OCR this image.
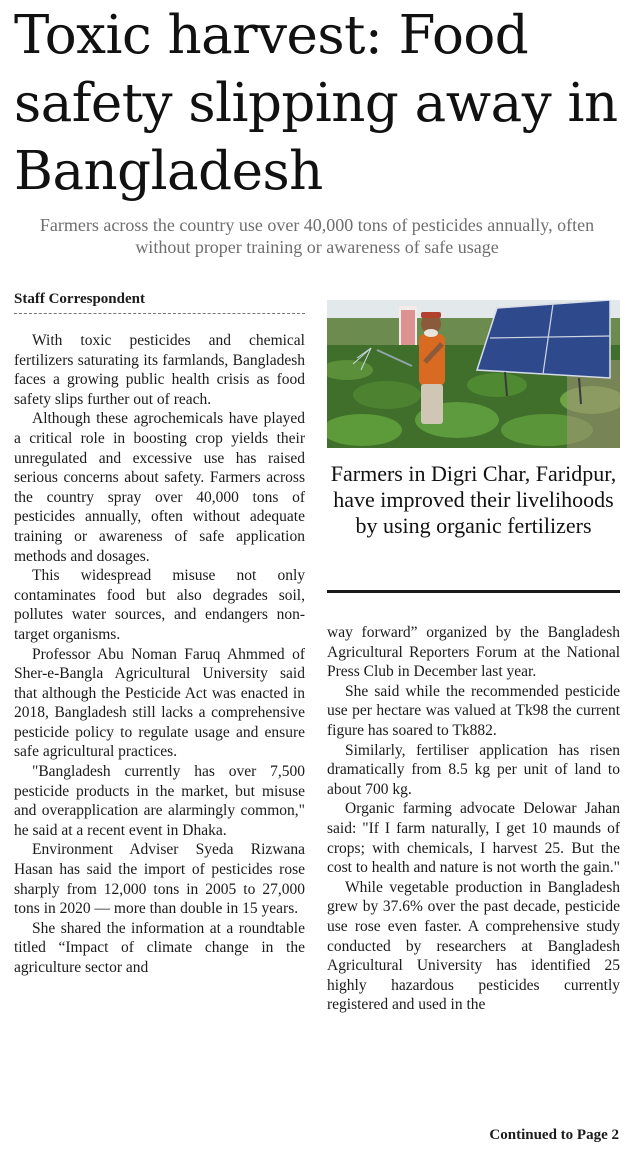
Toxic harvest: Food safety slipping away in Bangladesh
Farmers across the country use over 40,000 tons of pesticides annually, often without proper training or awareness of safe usage
Staff Correspondent

With toxic pesticides and chemical fertilizers saturating its farmlands, Bangladesh faces a growing public health crisis as food safety slips further out of reach.

Although these agrochemicals have played a critical role in boosting crop yields their unregulated and excessive use has raised serious concerns about safety. Farmers across the country spray over 40,000 tons of pesticides annually, often without adequate training or awareness of safe application methods and dosages.

This widespread misuse not only contaminates food but also degrades soil, pollutes water sources, and endangers non-target organisms.

Professor Abu Noman Faruq Ahmmed of Sher-e-Bangla Agricultural University said that although the Pesticide Act was enacted in 2018, Bangladesh still lacks a comprehensive pesticide policy to regulate usage and ensure safe agricultural practices.

"Bangladesh currently has over 7,500 pesticide products in the market, but misuse and overapplication are alarmingly common," he said at a recent event in Dhaka.

Environment Adviser Syeda Rizwana Hasan has said the import of pesticides rose sharply from 12,000 tons in 2005 to 27,000 tons in 2020 — more than double in 15 years.

She shared the information at a roundtable titled “Impact of climate change in the agriculture sector and

Farmers in Digri Char, Faridpur, have improved their livelihoods by using organic fertilizers

way forward” organized by the Bangladesh Agricultural Reporters Forum at the National Press Club in December last year.

She said while the recommended pesticide use per hectare was valued at Tk98 the current figure has soared to Tk882.

Similarly, fertiliser application has risen dramatically from 8.5 kg per unit of land to about 700 kg.

Organic farming advocate Delowar Jahan said: "If I farm naturally, I get 10 maunds of crops; with chemicals, I harvest 25. But the cost to health and nature is not worth the gain."

While vegetable production in Bangladesh grew by 37.6% over the past decade, pesticide use rose even faster. A comprehensive study conducted by researchers at Bangladesh Agricultural University has identified 25 highly hazardous pesticides currently registered and used in the

Continued to Page 2
